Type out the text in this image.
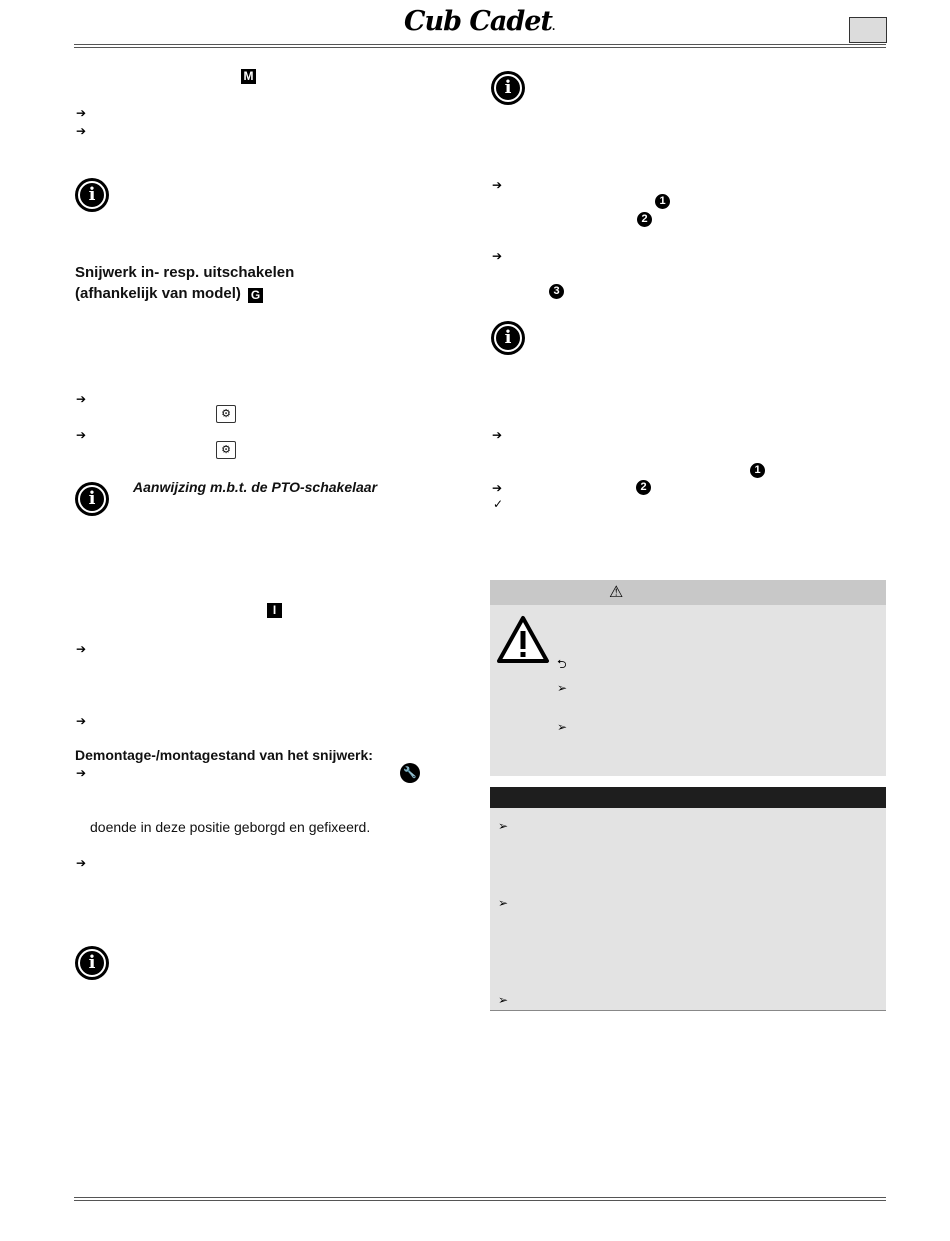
Cub Cadet.
M
➔
➔
i
Snijwerk in- resp. uitschakelen
(afhankelijk van model) G
➔
⚙
➔
⚙
i
Aanwijzing m.b.t. de PTO-schakelaar
I
➔
➔
Demontage-/montagestand van het snijwerk:
➔	🔧
doende in deze positie geborgd en gefixeerd.
➔
i
i
➔
1
2
➔
3
i
➔
1
➔	2
✓
⚠
⮌
➢
➢
➢
➢
➢
